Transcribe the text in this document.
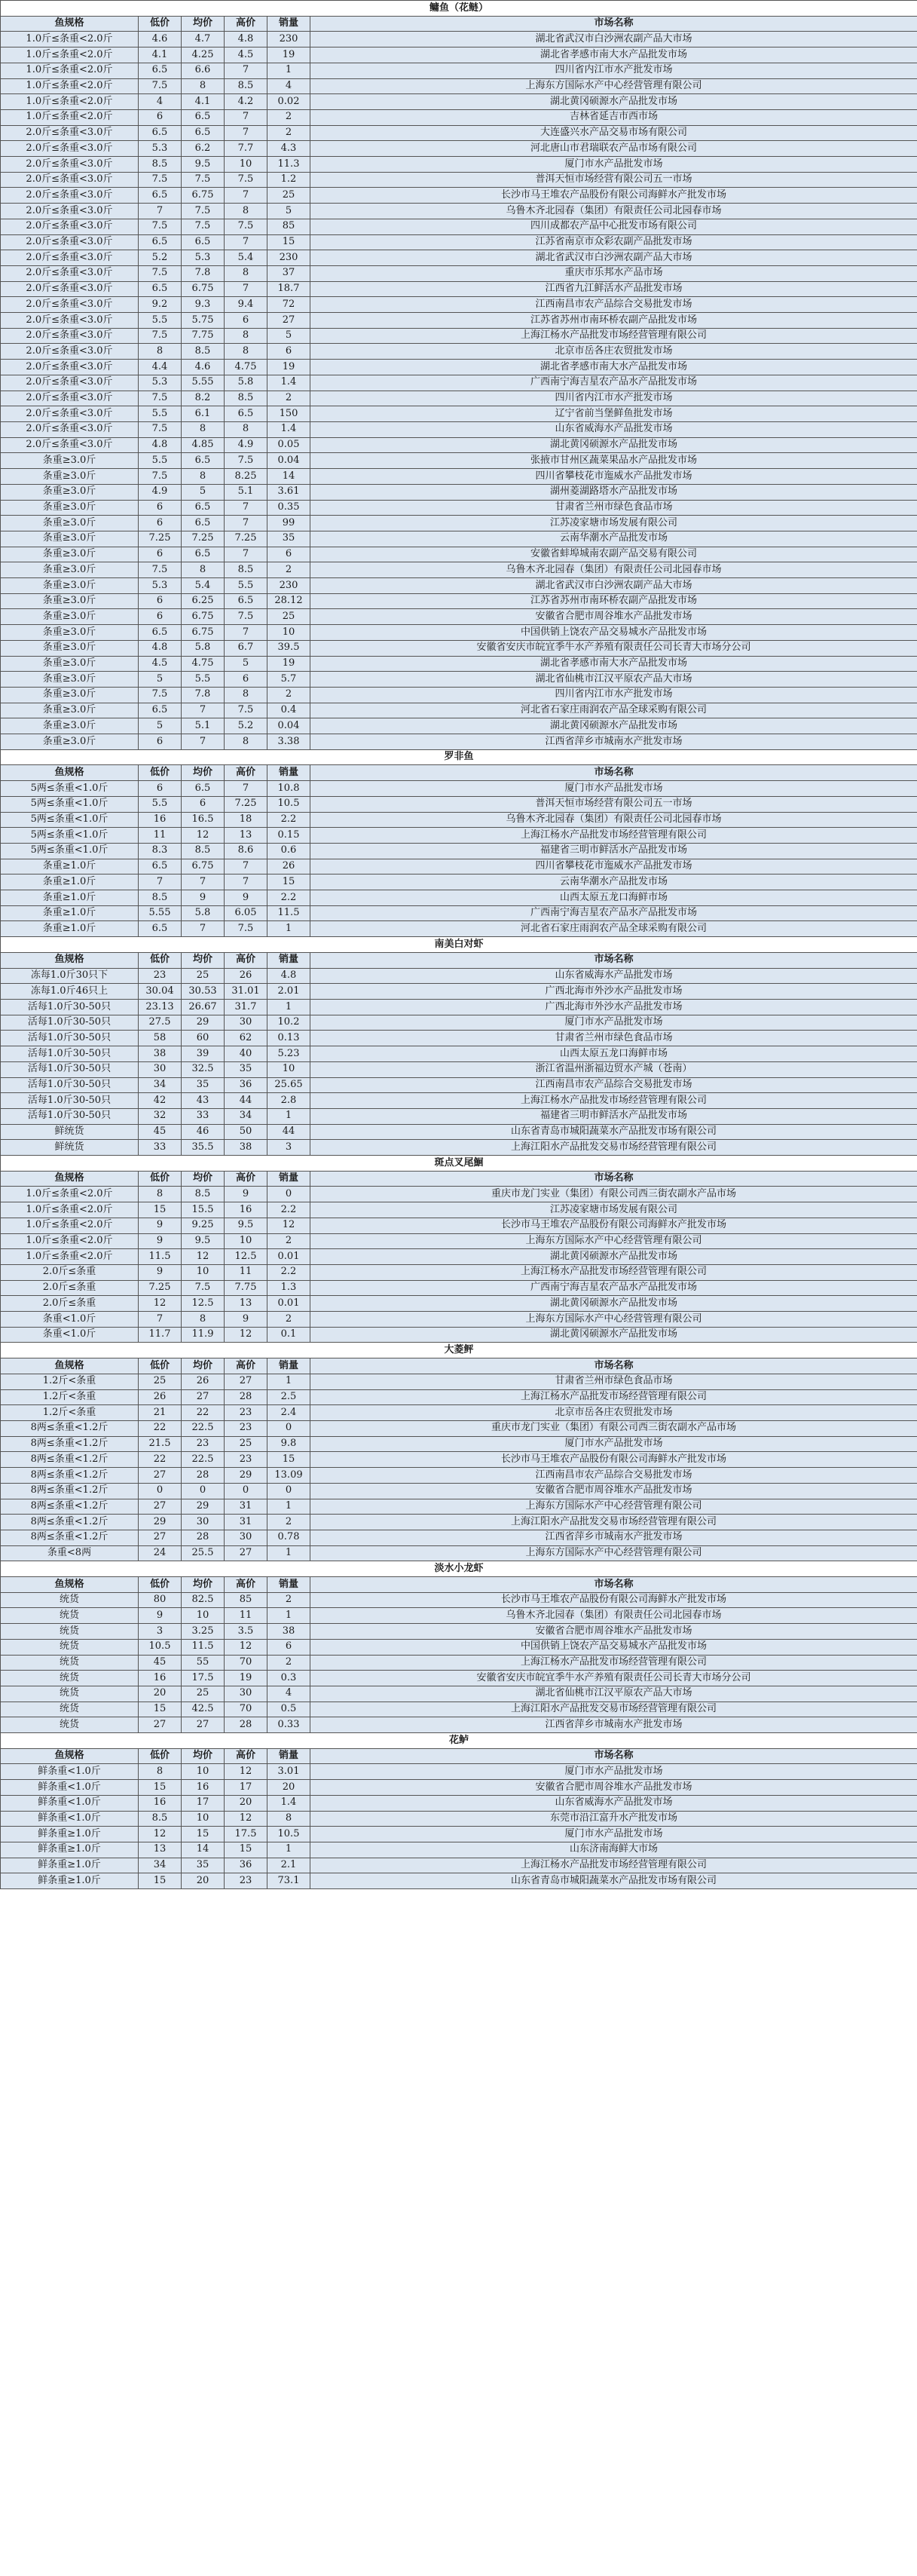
鳙鱼（花鲢）					
鱼规格	低价	均价	高价	销量	市场名称
1.0斤≤条重<2.0斤	4.6	4.7	4.8	230	湖北省武汉市白沙洲农副产品大市场
1.0斤≤条重<2.0斤	4.1	4.25	4.5	19	湖北省孝感市南大水产品批发市场
1.0斤≤条重<2.0斤	6.5	6.6	7	1	四川省内江市水产批发市场
1.0斤≤条重<2.0斤	7.5	8	8.5	4	上海东方国际水产中心经营管理有限公司
1.0斤≤条重<2.0斤	4	4.1	4.2	0.02	湖北黄冈硕源水产品批发市场
1.0斤≤条重<2.0斤	6	6.5	7	2	吉林省延吉市西市场
2.0斤≤条重<3.0斤	6.5	6.5	7	2	大连盛兴水产品交易市场有限公司
2.0斤≤条重<3.0斤	5.3	6.2	7.7	4.3	河北唐山市君瑞联农产品市场有限公司
2.0斤≤条重<3.0斤	8.5	9.5	10	11.3	厦门市水产品批发市场
2.0斤≤条重<3.0斤	7.5	7.5	7.5	1.2	普洱天恒市场经营有限公司五一市场
2.0斤≤条重<3.0斤	6.5	6.75	7	25	长沙市马王堆农产品股份有限公司海鲜水产批发市场
2.0斤≤条重<3.0斤	7	7.5	8	5	乌鲁木齐北园春（集团）有限责任公司北园春市场
2.0斤≤条重<3.0斤	7.5	7.5	7.5	85	四川成都农产品中心批发市场有限公司
2.0斤≤条重<3.0斤	6.5	6.5	7	15	江苏省南京市众彩农副产品批发市场
2.0斤≤条重<3.0斤	5.2	5.3	5.4	230	湖北省武汉市白沙洲农副产品大市场
2.0斤≤条重<3.0斤	7.5	7.8	8	37	重庆市乐邦水产品市场
2.0斤≤条重<3.0斤	6.5	6.75	7	18.7	江西省九江鲜活水产品批发市场
2.0斤≤条重<3.0斤	9.2	9.3	9.4	72	江西南昌市农产品综合交易批发市场
2.0斤≤条重<3.0斤	5.5	5.75	6	27	江苏省苏州市南环桥农副产品批发市场
2.0斤≤条重<3.0斤	7.5	7.75	8	5	上海江杨水产品批发市场经营管理有限公司
2.0斤≤条重<3.0斤	8	8.5	8	6	北京市岳各庄农贸批发市场
2.0斤≤条重<3.0斤	4.4	4.6	4.75	19	湖北省孝感市南大水产品批发市场
2.0斤≤条重<3.0斤	5.3	5.55	5.8	1.4	广西南宁海吉星农产品水产品批发市场
2.0斤≤条重<3.0斤	7.5	8.2	8.5	2	四川省内江市水产批发市场
2.0斤≤条重<3.0斤	5.5	6.1	6.5	150	辽宁省前当堡鲜鱼批发市场
2.0斤≤条重<3.0斤	7.5	8	8	1.4	山东省威海水产品批发市场
2.0斤≤条重<3.0斤	4.8	4.85	4.9	0.05	湖北黄冈硕源水产品批发市场
条重≥3.0斤	5.5	6.5	7.5	0.04	张掖市甘州区蔬菜果品水产品批发市场
条重≥3.0斤	7.5	8	8.25	14	四川省攀枝花市迤威水产品批发市场
条重≥3.0斤	4.9	5	5.1	3.61	湖州菱湖路塔水产品批发市场
条重≥3.0斤	6	6.5	7	0.35	甘肃省兰州市绿色食品市场
条重≥3.0斤	6	6.5	7	99	江苏凌家塘市场发展有限公司
条重≥3.0斤	7.25	7.25	7.25	35	云南华潮水产品批发市场
条重≥3.0斤	6	6.5	7	6	安徽省蚌埠城南农副产品交易有限公司
条重≥3.0斤	7.5	8	8.5	2	乌鲁木齐北园春（集团）有限责任公司北园春市场
条重≥3.0斤	5.3	5.4	5.5	230	湖北省武汉市白沙洲农副产品大市场
条重≥3.0斤	6	6.25	6.5	28.12	江苏省苏州市南环桥农副产品批发市场
条重≥3.0斤	6	6.75	7.5	25	安徽省合肥市周谷堆水产品批发市场
条重≥3.0斤	6.5	6.75	7	10	中国供销上饶农产品交易城水产品批发市场
条重≥3.0斤	4.8	5.8	6.7	39.5	安徽省安庆市皖宜季牛水产养殖有限责任公司长青大市场分公司
条重≥3.0斤	4.5	4.75	5	19	湖北省孝感市南大水产品批发市场
条重≥3.0斤	5	5.5	6	5.7	湖北省仙桃市江汉平原农产品大市场
条重≥3.0斤	7.5	7.8	8	2	四川省内江市水产批发市场
条重≥3.0斤	6.5	7	7.5	0.4	河北省石家庄雨润农产品全球采购有限公司
条重≥3.0斤	5	5.1	5.2	0.04	湖北黄冈硕源水产品批发市场
条重≥3.0斤	6	7	8	3.38	江西省萍乡市城南水产批发市场
罗非鱼					
鱼规格	低价	均价	高价	销量	市场名称
5两≤条重<1.0斤	6	6.5	7	10.8	厦门市水产品批发市场
5两≤条重<1.0斤	5.5	6	7.25	10.5	普洱天恒市场经营有限公司五一市场
5两≤条重<1.0斤	16	16.5	18	2.2	乌鲁木齐北园春（集团）有限责任公司北园春市场
5两≤条重<1.0斤	11	12	13	0.15	上海江杨水产品批发市场经营管理有限公司
5两≤条重<1.0斤	8.3	8.5	8.6	0.6	福建省三明市鲜活水产品批发市场
条重≥1.0斤	6.5	6.75	7	26	四川省攀枝花市迤威水产品批发市场
条重≥1.0斤	7	7	7	15	云南华潮水产品批发市场
条重≥1.0斤	8.5	9	9	2.2	山西太原五龙口海鲜市场
条重≥1.0斤	5.55	5.8	6.05	11.5	广西南宁海吉星农产品水产品批发市场
条重≥1.0斤	6.5	7	7.5	1	河北省石家庄雨润农产品全球采购有限公司
南美白对虾					
鱼规格	低价	均价	高价	销量	市场名称
冻每1.0斤30只下	23	25	26	4.8	山东省威海水产品批发市场
冻每1.0斤46只上	30.04	30.53	31.01	2.01	广西北海市外沙水产品批发市场
活每1.0斤30-50只	23.13	26.67	31.7	1	广西北海市外沙水产品批发市场
活每1.0斤30-50只	27.5	29	30	10.2	厦门市水产品批发市场
活每1.0斤30-50只	58	60	62	0.13	甘肃省兰州市绿色食品市场
活每1.0斤30-50只	38	39	40	5.23	山西太原五龙口海鲜市场
活每1.0斤30-50只	30	32.5	35	10	浙江省温州浙福边贸水产城（苍南）
活每1.0斤30-50只	34	35	36	25.65	江西南昌市农产品综合交易批发市场
活每1.0斤30-50只	42	43	44	2.8	上海江杨水产品批发市场经营管理有限公司
活每1.0斤30-50只	32	33	34	1	福建省三明市鲜活水产品批发市场
鲜统货	45	46	50	44	山东省青岛市城阳蔬菜水产品批发市场有限公司
鲜统货	33	35.5	38	3	上海江阳水产品批发交易市场经营管理有限公司
斑点叉尾鮰					
鱼规格	低价	均价	高价	销量	市场名称
1.0斤≤条重<2.0斤	8	8.5	9	0	重庆市龙门实业（集团）有限公司西三街农副水产品市场
1.0斤≤条重<2.0斤	15	15.5	16	2.2	江苏凌家塘市场发展有限公司
1.0斤≤条重<2.0斤	9	9.25	9.5	12	长沙市马王堆农产品股份有限公司海鲜水产批发市场
1.0斤≤条重<2.0斤	9	9.5	10	2	上海东方国际水产中心经营管理有限公司
1.0斤≤条重<2.0斤	11.5	12	12.5	0.01	湖北黄冈硕源水产品批发市场
2.0斤≤条重	9	10	11	2.2	上海江杨水产品批发市场经营管理有限公司
2.0斤≤条重	7.25	7.5	7.75	1.3	广西南宁海吉星农产品水产品批发市场
2.0斤≤条重	12	12.5	13	0.01	湖北黄冈硕源水产品批发市场
条重<1.0斤	7	8	9	2	上海东方国际水产中心经营管理有限公司
条重<1.0斤	11.7	11.9	12	0.1	湖北黄冈硕源水产品批发市场
大菱鲆					
鱼规格	低价	均价	高价	销量	市场名称
1.2斤<条重	25	26	27	1	甘肃省兰州市绿色食品市场
1.2斤<条重	26	27	28	2.5	上海江杨水产品批发市场经营管理有限公司
1.2斤<条重	21	22	23	2.4	北京市岳各庄农贸批发市场
8两≤条重<1.2斤	22	22.5	23	0	重庆市龙门实业（集团）有限公司西三街农副水产品市场
8两≤条重<1.2斤	21.5	23	25	9.8	厦门市水产品批发市场
8两≤条重<1.2斤	22	22.5	23	15	长沙市马王堆农产品股份有限公司海鲜水产批发市场
8两≤条重<1.2斤	27	28	29	13.09	江西南昌市农产品综合交易批发市场
8两≤条重<1.2斤	0	0	0	0	安徽省合肥市周谷堆水产品批发市场
8两≤条重<1.2斤	27	29	31	1	上海东方国际水产中心经营管理有限公司
8两≤条重<1.2斤	29	30	31	2	上海江阳水产品批发交易市场经营管理有限公司
8两≤条重<1.2斤	27	28	30	0.78	江西省萍乡市城南水产批发市场
条重<8两	24	25.5	27	1	上海东方国际水产中心经营管理有限公司
淡水小龙虾					
鱼规格	低价	均价	高价	销量	市场名称
统货	80	82.5	85	2	长沙市马王堆农产品股份有限公司海鲜水产批发市场
统货	9	10	11	1	乌鲁木齐北园春（集团）有限责任公司北园春市场
统货	3	3.25	3.5	38	安徽省合肥市周谷堆水产品批发市场
统货	10.5	11.5	12	6	中国供销上饶农产品交易城水产品批发市场
统货	45	55	70	2	上海江杨水产品批发市场经营管理有限公司
统货	16	17.5	19	0.3	安徽省安庆市皖宜季牛水产养殖有限责任公司长青大市场分公司
统货	20	25	30	4	湖北省仙桃市江汉平原农产品大市场
统货	15	42.5	70	0.5	上海江阳水产品批发交易市场经营管理有限公司
统货	27	27	28	0.33	江西省萍乡市城南水产批发市场
花鲈					
鱼规格	低价	均价	高价	销量	市场名称
鲜条重<1.0斤	8	10	12	3.01	厦门市水产品批发市场
鲜条重<1.0斤	15	16	17	20	安徽省合肥市周谷堆水产品批发市场
鲜条重<1.0斤	16	17	20	1.4	山东省威海水产品批发市场
鲜条重<1.0斤	8.5	10	12	8	东莞市沿江富升水产批发市场
鲜条重≥1.0斤	12	15	17.5	10.5	厦门市水产品批发市场
鲜条重≥1.0斤	13	14	15	1	山东济南海鲜大市场
鲜条重≥1.0斤	34	35	36	2.1	上海江杨水产品批发市场经营管理有限公司
鲜条重≥1.0斤	15	20	23	73.1	山东省青岛市城阳蔬菜水产品批发市场有限公司
